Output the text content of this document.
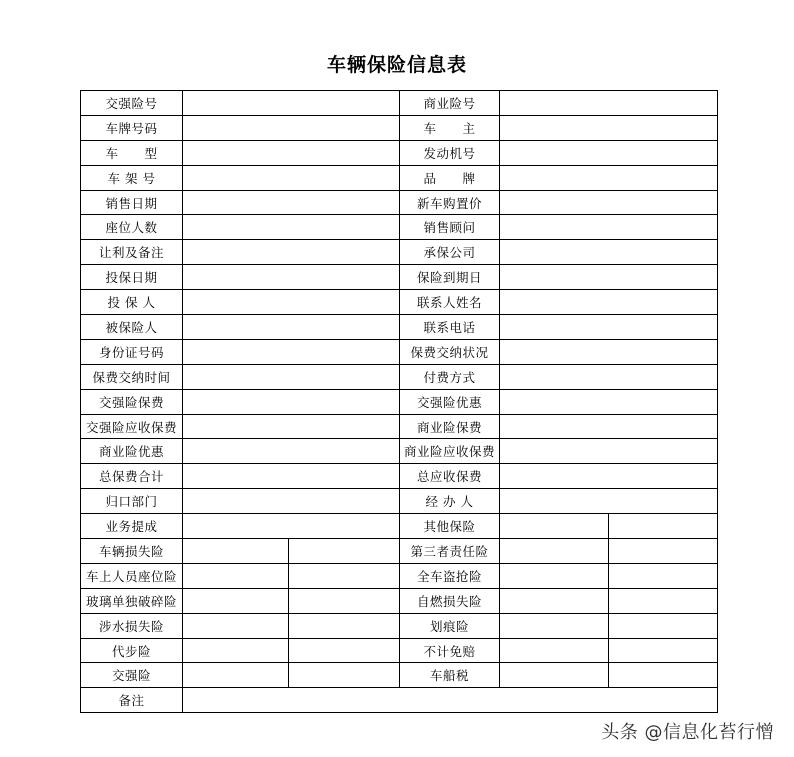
车辆保险信息表
交强险号			商业险号		
车牌号码			车　　主		
车　　型			发动机号		
车 架 号			品　　牌		
销售日期			新车购置价		
座位人数			销售顾问		
让利及备注			承保公司		
投保日期			保险到期日		
投 保 人			联系人姓名		
被保险人			联系电话		
身份证号码			保费交纳状况		
保费交纳时间			付费方式		
交强险保费			交强险优惠		
交强险应收保费			商业险保费		
商业险优惠			商业险应收保费		
总保费合计			总应收保费		
归口部门			经 办 人		
业务提成			其他保险		
车辆损失险			第三者责任险		
车上人员座位险			全车盗抢险		
玻璃单独破碎险			自燃损失险		
涉水损失险			划痕险		
代步险			不计免赔		
交强险			车船税		
备注					
头条 @信息化苔行憎
